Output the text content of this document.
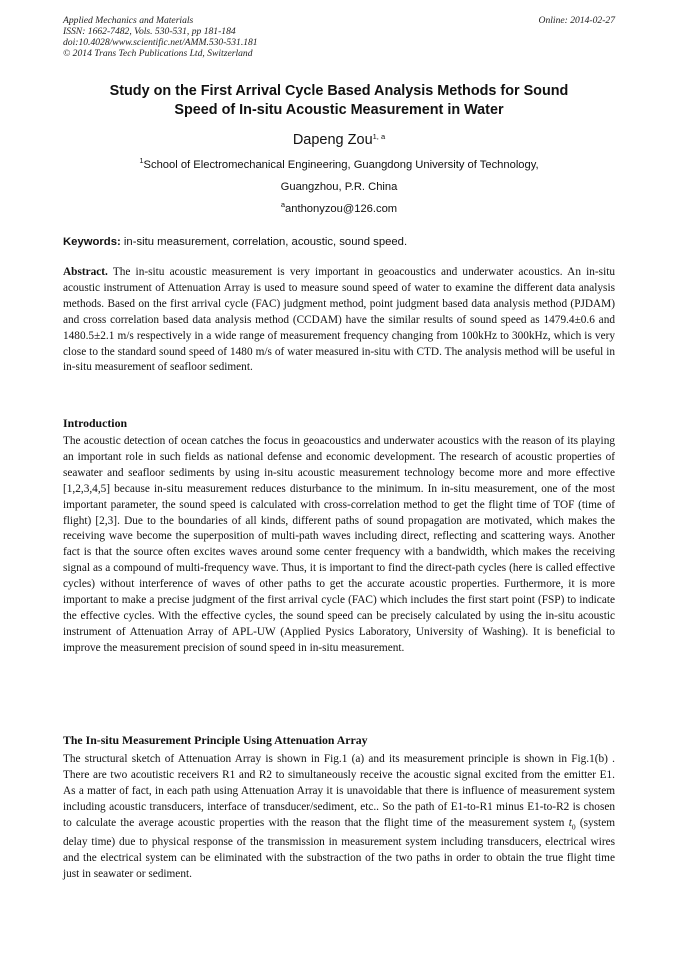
Applied Mechanics and Materials
ISSN: 1662-7482, Vols. 530-531, pp 181-184
doi:10.4028/www.scientific.net/AMM.530-531.181
© 2014 Trans Tech Publications Ltd, Switzerland
Online: 2014-02-27
Study on the First Arrival Cycle Based Analysis Methods for Sound
Speed of In-situ Acoustic Measurement in Water
Dapeng Zou$^{1, a}$
$^1$School of Electromechanical Engineering, Guangdong University of Technology,
Guangzhou, P.R. China
$^a$anthonyzou@126.com
Keywords: in-situ measurement, correlation, acoustic, sound speed.
Abstract. The in-situ acoustic measurement is very important in geoacoustics and underwater acoustics. An in-situ acoustic instrument of Attenuation Array is used to measure sound speed of water to examine the different data analysis methods. Based on the first arrival cycle (FAC) judgment method, point judgment based data analysis method (PJDAM) and cross correlation based data analysis method (CCDAM) have the similar results of sound speed as 1479.4±0.6 and 1480.5±2.1 m/s respectively in a wide range of measurement frequency changing from 100kHz to 300kHz, which is very close to the standard sound speed of 1480 m/s of water measured in-situ with CTD. The analysis method will be useful in in-situ measurement of seafloor sediment.
Introduction
The acoustic detection of ocean catches the focus in geoacoustics and underwater acoustics with the reason of its playing an important role in such fields as national defense and economic development. The research of acoustic properties of seawater and seafloor sediments by using in-situ acoustic measurement technology become more and more effective [1,2,3,4,5] because in-situ measurement reduces disturbance to the minimum. In in-situ measurement, one of the most important parameter, the sound speed is calculated with cross-correlation method to get the flight time of TOF (time of flight) [2,3]. Due to the boundaries of all kinds, different paths of sound propagation are motivated, which makes the receiving wave become the superposition of multi-path waves including direct, reflecting and scattering ways. Another fact is that the source often excites waves around some center frequency with a bandwidth, which makes the receiving signal as a compound of multi-frequency wave. Thus, it is important to find the direct-path cycles (here is called effective cycles) without interference of waves of other paths to get the accurate acoustic properties. Furthermore, it is more important to make a precise judgment of the first arrival cycle (FAC) which includes the first start point (FSP) to indicate the effective cycles. With the effective cycles, the sound speed can be precisely calculated by using the in-situ acoustic instrument of Attenuation Array of APL-UW (Applied Pysics Laboratory, University of Washing). It is beneficial to improve the measurement precision of sound speed in in-situ measurement.
The In-situ Measurement Principle Using Attenuation Array
The structural sketch of Attenuation Array is shown in Fig.1 (a) and its measurement principle is shown in Fig.1(b) . There are two acoutistic receivers R1 and R2 to simultaneously receive the acoustic signal excited from the emitter E1. As a matter of fact, in each path using Attenuation Array it is unavoidable that there is influence of measurement system including acoustic transducers, interface of transducer/sediment, etc.. So the path of E1-to-R1 minus E1-to-R2 is chosen to calculate the average acoustic properties with the reason that the flight time of the measurement system $t_0$ (system delay time) due to physical response of the transmission in measurement system including transducers, electrical wires and the electrical system can be eliminated with the substraction of the two paths in order to obtain the true flight time just in seawater or sediment.
